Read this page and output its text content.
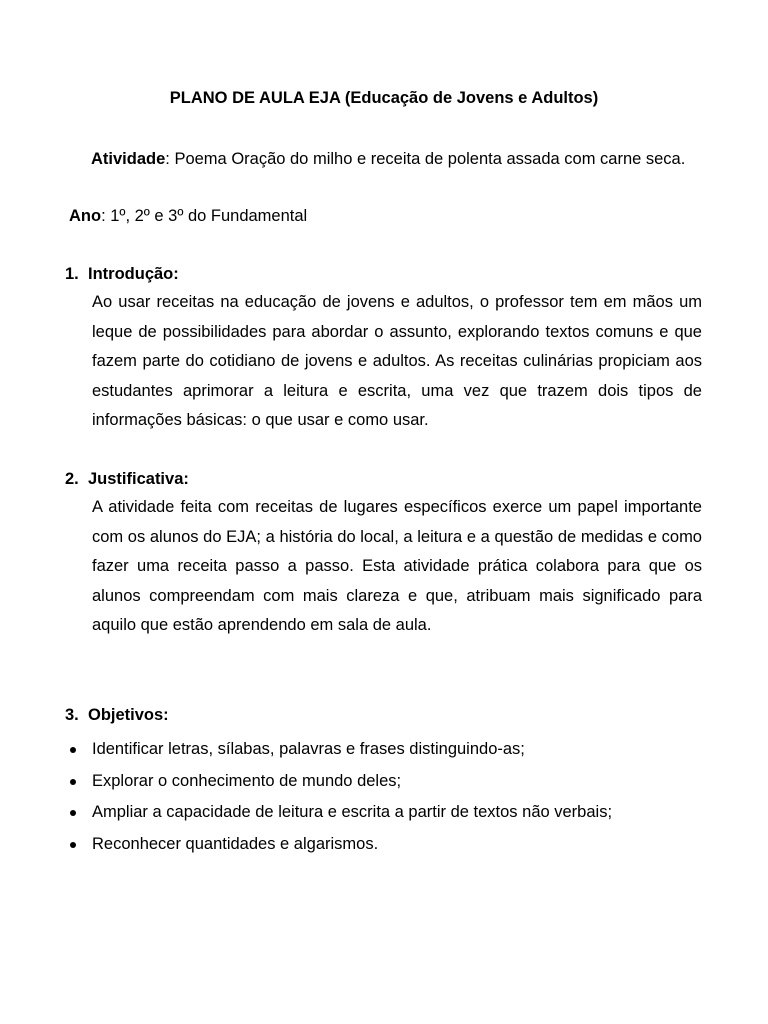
PLANO DE AULA EJA (Educação de Jovens e Adultos)
Atividade: Poema Oração do milho e receita de polenta assada com carne seca.
Ano: 1º, 2º e 3º do Fundamental
1. Introdução:
Ao usar receitas na educação de jovens e adultos, o professor tem em mãos um leque de possibilidades para abordar o assunto, explorando textos comuns e que fazem parte do cotidiano de jovens e adultos. As receitas culinárias propiciam aos estudantes aprimorar a leitura e escrita, uma vez que trazem dois tipos de informações básicas: o que usar e como usar.
2. Justificativa:
A atividade feita com receitas de lugares específicos exerce um papel importante com os alunos do EJA; a história do local, a leitura e a questão de medidas e como fazer uma receita passo a passo. Esta atividade prática colabora para que os alunos compreendam com mais clareza e que, atribuam mais significado para aquilo que estão aprendendo em sala de aula.
3. Objetivos:
Identificar letras, sílabas, palavras e frases distinguindo-as;
Explorar o conhecimento de mundo deles;
Ampliar a capacidade de leitura e escrita a partir de textos não verbais;
Reconhecer quantidades e algarismos.
